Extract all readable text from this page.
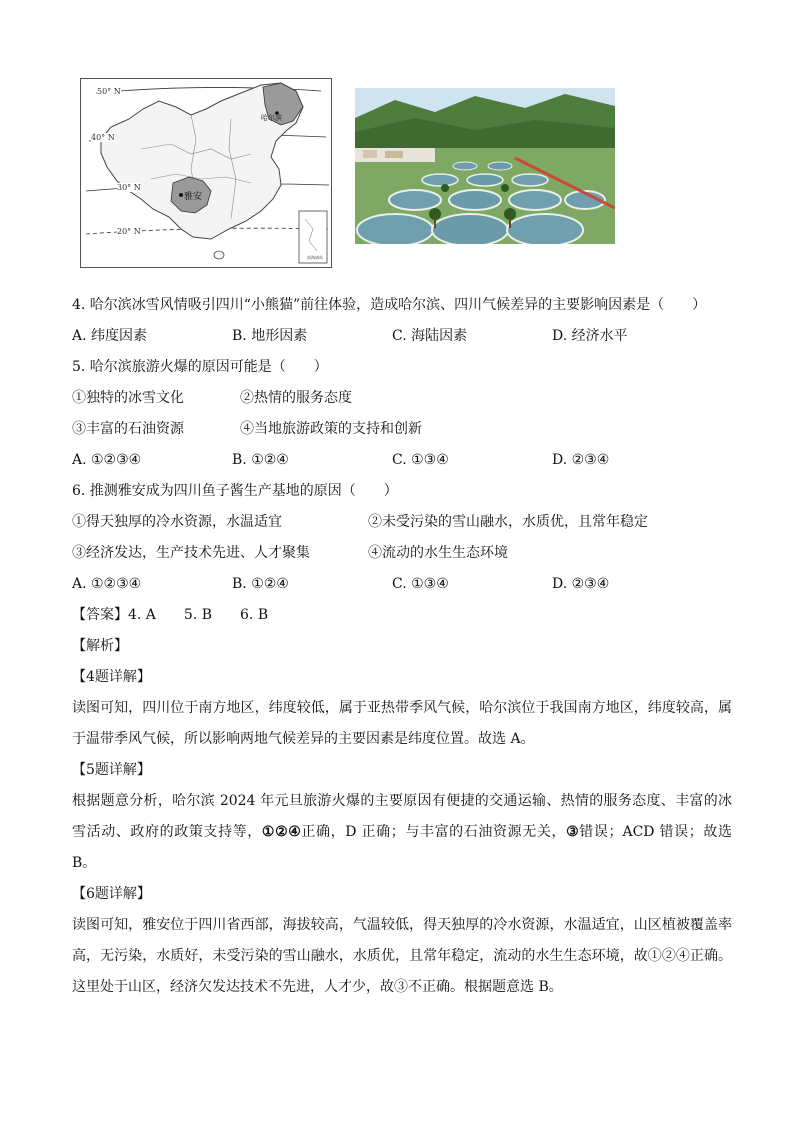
50° N
40° N
30° N
20° N
哈尔滨
雅安
南海诸岛
4. 哈尔滨冰雪风情吸引四川“小熊猫”前往体验，造成哈尔滨、四川气候差异的主要影响因素是（　　）
A. 纬度因素	B. 地形因素	C. 海陆因素	D. 经济水平
5. 哈尔滨旅游火爆的原因可能是（　　）
①独特的冰雪文化	②热情的服务态度
③丰富的石油资源	④当地旅游政策的支持和创新
A. ①②③④	B. ①②④	C. ①③④	D. ②③④
6. 推测雅安成为四川鱼子酱生产基地的原因（　　）
①得天独厚的冷水资源，水温适宜	②未受污染的雪山融水，水质优，且常年稳定
③经济发达，生产技术先进、人才聚集	④流动的水生生态环境
A. ①②③④	B. ①②④	C. ①③④	D. ②③④
【答案】4. A　　5. B　　6. B
【解析】
【4题详解】
读图可知，四川位于南方地区，纬度较低，属于亚热带季风气候，哈尔滨位于我国南方地区，纬度较高，属于温带季风气候，所以影响两地气候差异的主要因素是纬度位置。故选 A。
【5题详解】
根据题意分析，哈尔滨 2024 年元旦旅游火爆的主要原因有便捷的交通运输、热情的服务态度、丰富的冰雪活动、政府的政策支持等，①②④正确，D 正确；与丰富的石油资源无关，③错误；ACD 错误；故选 B。
【6题详解】
读图可知，雅安位于四川省西部，海拔较高，气温较低，得天独厚的冷水资源，水温适宜，山区植被覆盖率高，无污染，水质好，未受污染的雪山融水，水质优，且常年稳定，流动的水生生态环境，故①②④正确。这里处于山区，经济欠发达技术不先进，人才少，故③不正确。根据题意选 B。
